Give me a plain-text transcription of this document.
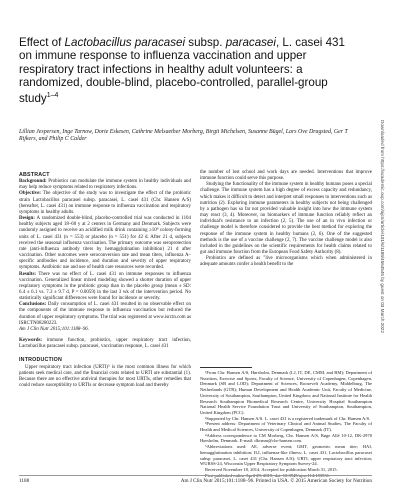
Effect of Lactobacillus paracasei subsp. paracasei, L. casei 431 on immune response to influenza vaccination and upper respiratory tract infections in healthy adult volunteers: a randomized, double-blind, placebo-controlled, parallel-group study$^{1-4}$
Lillian Jespersen, Inge Tarnow, Dorte Eskesen, Cathrine Melsaether Morberg, Birgit Michelsen, Susanne Bügel, Lars Ove Dragsted, Ger T Rijkers, and Philip C Calder
ABSTRACT

Background: Probiotics can modulate the immune system in healthy individuals and may help reduce symptoms related to respiratory infections.

Objective: The objective of the study was to investigate the effect of the probiotic strain Lactobacillus paracasei subsp. paracasei, L. casei 431 (Chr. Hansen A/S) (hereafter, L. casei 431) on immune response to influenza vaccination and respiratory symptoms in healthy adults.

Design: A randomized double-blind, placebo-controlled trial was conducted in 1104 healthy subjects aged 18–60 y at 2 centers in Germany and Denmark. Subjects were randomly assigned to receive an acidified milk drink containing ≥10⁹ colony-forming units of L. casei 431 (n = 553) or placebo (n = 551) for 42 d. After 21 d, subjects received the seasonal influenza vaccination. The primary outcome was seroprotection rate (anti-influenza antibody titers by hemagglutination inhibition) 21 d after vaccination. Other outcomes were seroconversion rate and mean titers, influenza A–specific antibodies and incidence, and duration and severity of upper respiratory symptoms. Antibiotic use and use of health care resources were recorded.

Results: There was no effect of L. casei 431 on immune responses to influenza vaccination. Generalized linear mixed modeling showed a shorter duration of upper respiratory symptoms in the probiotic group than in the placebo group (mean ± SD: 6.4 ± 6.1 vs. 7.3 ± 9.7 d, P = 0.0059) in the last 3 wk of the intervention period. No statistically significant differences were found for incidence or severity.

Conclusions: Daily consumption of L. casei 431 resulted in no observable effect on the components of the immune response to influenza vaccination but reduced the duration of upper respiratory symptoms. The trial was registered at www.isrctn.com as ISRCTN08280223.

Am J Clin Nutr 2015;101:1188–96.

Keywords: immune function, probiotics, upper respiratory tract infection, Lactobacillus paracasei subsp. paracasei, vaccination response, L. casei 431

INTRODUCTION

Upper respiratory tract infection (URTI)⁵ is the most common illness for which patients seek medical care, and the financial costs related to URTI are substantial (1). Because there are no effective antiviral therapies for most URTIs, other remedies that could reduce susceptibility to URTIs or decrease symptom load and thereby

the number of lost school and work days are needed. Interventions that improve immune function could serve this purpose.

Studying the functionality of the immune system in healthy humans poses a special challenge. The immune system has a high degree of excess capacity and redundancy, which makes it difficult to detect and interpret small responses to interventions such as nutrition (2). Exploring immune parameters in healthy subjects not being challenged by a pathogen has so far not provided valuable insight into how the immune system may react (3, 4). Moreover, no biomarkers of immune function reliably reflect an individual's resistance to an infection (2, 5). The use of an in vivo infection or challenge model is therefore considered to provide the best method for exploring the response of the immune system in healthy humans (2, 6). One of the suggested methods is the use of a vaccine challenge (2, 7). The vaccine challenge model is also included in the guidelines on the scientific requirements for health claims related to gut and immune function from the European Food Safety Authority (8).

Probiotics are defined as "live microorganisms which when administered in adequate amounts confer a health benefit to the

¹From Chr. Hansen A/S, Hørsholm, Denmark (LJ, IT, DE, CMM, and BM); Department of Nutrition, Exercise and Sports, Faculty of Science, University of Copenhagen, Copenhagen, Denmark (SB and LOD); Department of Sciences, Roosevelt Academy, Middelburg, The Netherlands (GTR); Human Development and Health Academic Unit, Faculty of Medicine, University of Southampton, Southampton, United Kingdom; and National Institute for Health Research Southampton Biomedical Research Centre, University Hospital Southampton National Health Service Foundation Trust and University of Southampton, Southampton, United Kingdom (PCC).

²Supported by Chr. Hansen A/S. L. casei 431 is a registered trademark of Chr. Hansen A/S.

³Present address: Department of Veterinary Clinical and Animal Studies, The Faculty of Health and Medical Sciences, University of Copenhagen, Denmark (IT).

⁴Address correspondence to CM Morberg, Chr. Hansen A/S, Bøge Allé 10-12, DK-2970 Hørsholm, Denmark. E-mail: dkcmm@chr-hansen.com.

⁵Abbreviations used: AE, adverse event; GMT, geometric mean titer; HAI, hemagglutination inhibition; ILI, influenza-like illness; L. casei 431, Lactobacillus paracasei subsp. paracasei, L. casei 431 (Chr. Hansen A/S); URTI, upper respiratory tract infection; WURSS-24, Wisconsin Upper Respiratory Symptom Survey-24.

Received November 18, 2014. Accepted for publication March 31, 2015.

First published online April 29, 2015; doi: 10.3945/ajcn.114.103531.

Downloaded from https://academic.oup.com/ajcn/article/101/6/1188/4564545 by guest on 03 March 2022
1188	Am J Clin Nutr 2015;101:1188–96. Printed in USA. © 2015 American Society for Nutrition
